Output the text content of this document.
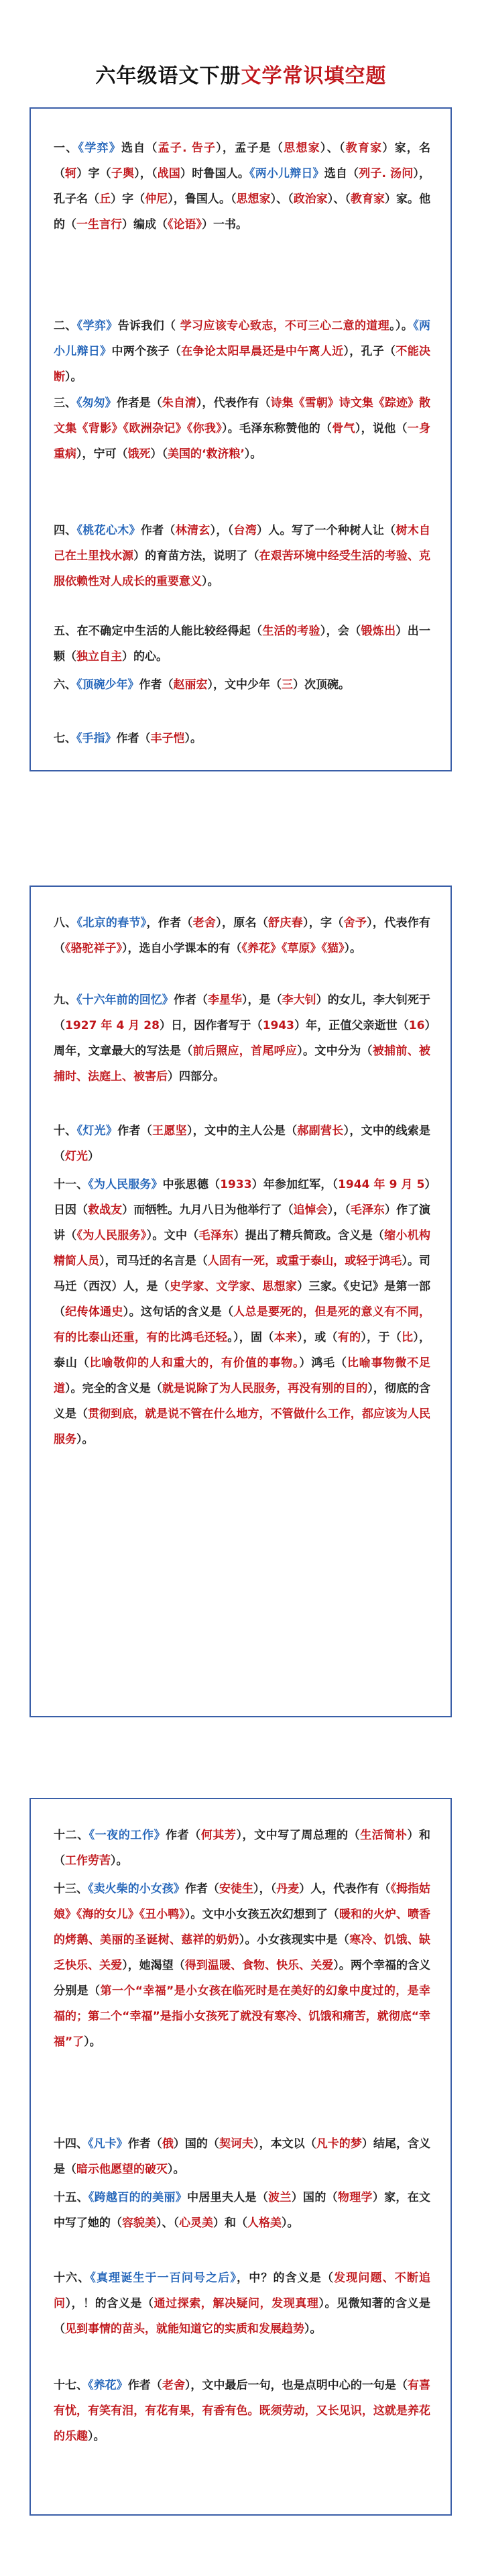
六年级语文下册文学常识填空题
一、《学弈》选自（孟子. 告子），孟子是（思想家）、（教育家）家，名（轲）字（子舆），（战国）时鲁国人。《两小儿辩日》选自（列子. 汤问），孔子名（丘）字（仲尼），鲁国人。（思想家）、（政治家）、（教育家）家。他的（一生言行）编成（《论语》）一书。
二、《学弈》告诉我们（ 学习应该专心致志，不可三心二意的道理。）。《两小儿辩日》中两个孩子（在争论太阳早晨还是中午离人近），孔子（不能决断）。
三、《匆匆》作者是（朱自清），代表作有（诗集《雪朝》诗文集《踪迹》散文集《背影》《欧洲杂记》《你我》）。毛泽东称赞他的（骨气），说他（一身重病），宁可（饿死）（美国的‘救济粮’）。
四、《桃花心木》作者（林清玄），（台湾）人。写了一个种树人让（树木自己在土里找水源）的育苗方法，说明了（在艰苦环境中经受生活的考验、克服依赖性对人成长的重要意义）。
五、在不确定中生活的人能比较经得起（生活的考验），会（锻炼出）出一颗（独立自主）的心。
六、《顶碗少年》作者（赵丽宏），文中少年（三）次顶碗。
七、《手指》作者（丰子恺）。
八、《北京的春节》，作者（老舍），原名（舒庆春），字（舍予），代表作有（《骆驼祥子》），选自小学课本的有（《养花》《草原》《猫》）。
九、《十六年前的回忆》作者（李星华），是（李大钊）的女儿，李大钊死于（1927 年 4 月 28）日，因作者写于（1943）年，正值父亲逝世（16）周年，文章最大的写法是（前后照应，首尾呼应）。文中分为（被捕前、被捕时、法庭上、被害后）四部分。
十、《灯光》作者（王愿坚），文中的主人公是（郝副营长），文中的线索是（灯光）
十一、《为人民服务》中张思德（1933）年参加红军，（1944 年 9 月 5）日因（救战友）而牺牲。九月八日为他举行了（追悼会），（毛泽东）作了演讲（《为人民服务》）。文中（毛泽东）提出了精兵简政。含义是（缩小机构精简人员），司马迁的名言是（人固有一死，或重于泰山，或轻于鸿毛）。司马迁（西汉）人，是（史学家、文学家、思想家）三家。《史记》是第一部（纪传体通史）。这句话的含义是（人总是要死的，但是死的意义有不同，有的比泰山还重，有的比鸿毛还轻。），固（本来），或（有的），于（比），泰山（比喻敬仰的人和重大的，有价值的事物。）鸿毛（比喻事物微不足道）。完全的含义是（就是说除了为人民服务，再没有别的目的），彻底的含义是（贯彻到底，就是说不管在什么地方，不管做什么工作，都应该为人民服务）。
十二、《一夜的工作》作者（何其芳），文中写了周总理的（生活简朴）和（工作劳苦）。
十三、《卖火柴的小女孩》作者（安徒生），（丹麦）人，代表作有（《拇指姑娘》《海的女儿》《丑小鸭》）。文中小女孩五次幻想到了（暖和的火炉、喷香的烤鹅、美丽的圣诞树、慈祥的奶奶）。小女孩现实中是（寒冷、饥饿、缺乏快乐、关爱），她渴望（得到温暖、食物、快乐、关爱）。两个幸福的含义分别是（第一个“幸福”是小女孩在临死时是在美好的幻象中度过的，是幸福的；第二个“幸福”是指小女孩死了就没有寒冷、饥饿和痛苦，就彻底“幸福”了）。
十四、《凡卡》作者（俄）国的（契诃夫），本文以（凡卡的梦）结尾，含义是（暗示他愿望的破灭）。
十五、《跨越百的的美丽》中居里夫人是（波兰）国的（物理学）家，在文中写了她的（容貌美）、（心灵美）和（人格美）。
十六、《真理诞生于一百问号之后》，中？的含义是（发现问题、不断追问），！的含义是（通过探索，解决疑问，发现真理）。见微知著的含义是（见到事情的苗头，就能知道它的实质和发展趋势）。
十七、《养花》作者（老舍），文中最后一句，也是点明中心的一句是（有喜有忧，有笑有泪，有花有果，有香有色。既须劳动，又长见识，这就是养花的乐趣）。
